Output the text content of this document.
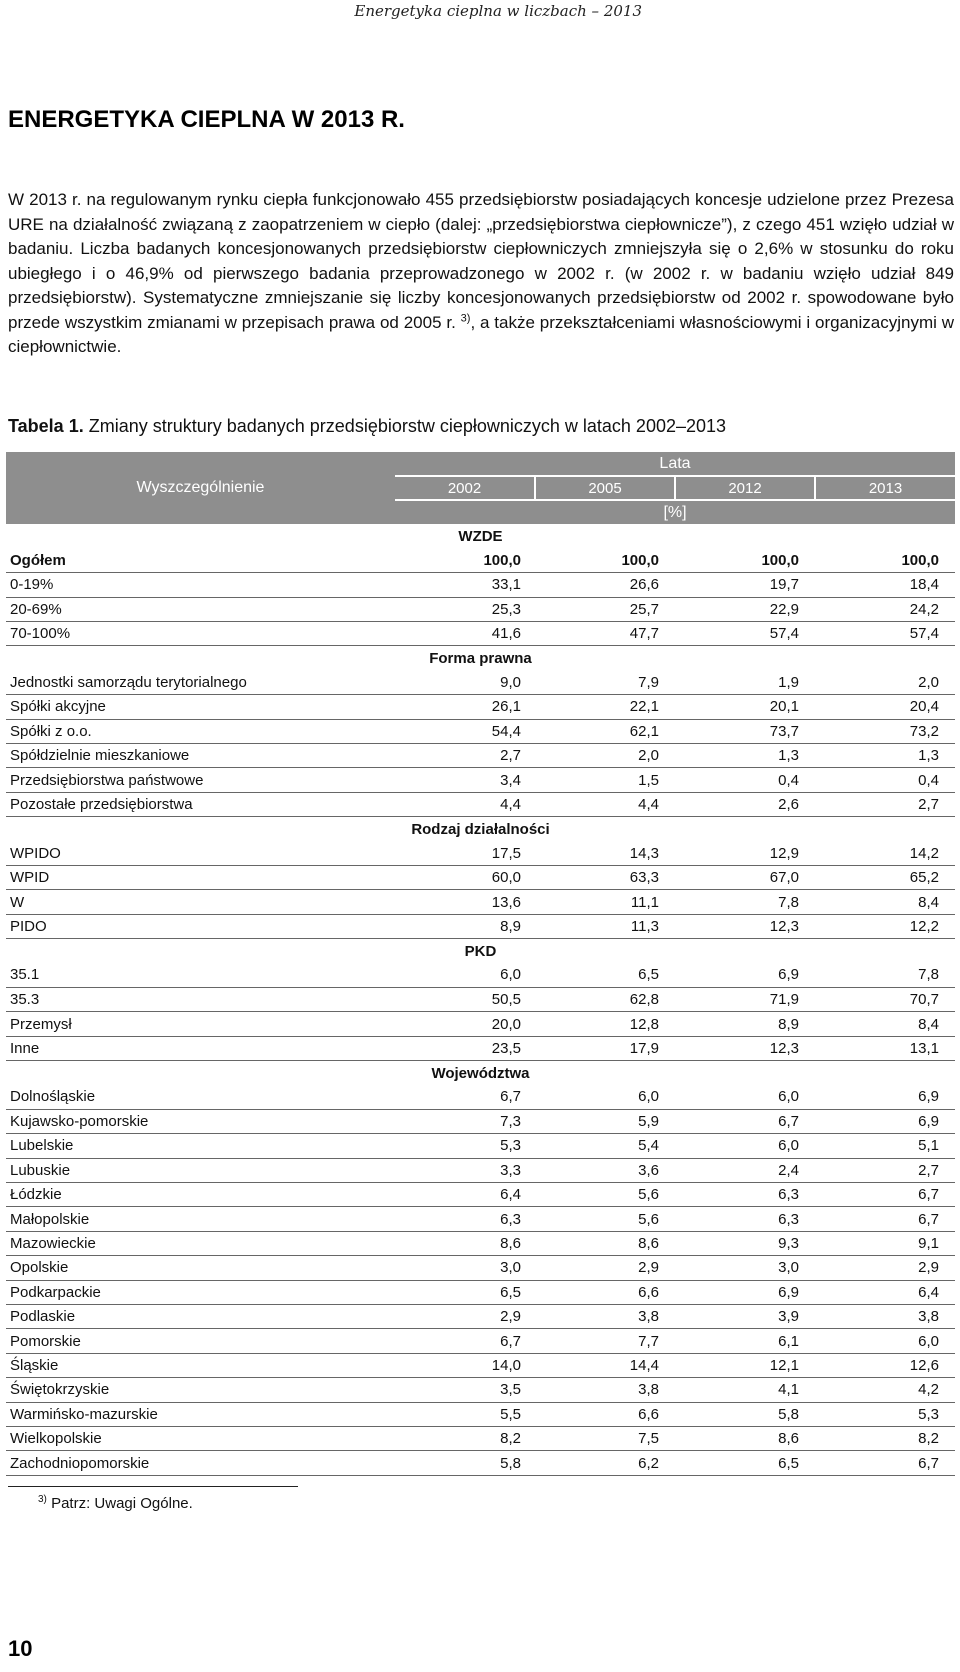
Energetyka cieplna w liczbach – 2013
ENERGETYKA CIEPLNA W 2013 R.

W 2013 r. na regulowanym rynku ciepła funkcjonowało 455 przedsiębiorstw posiadających koncesje udzielone przez Prezesa URE na działalność związaną z zaopatrzeniem w ciepło (dalej: „przedsiębiorstwa ciepłownicze”), z czego 451 wzięło udział w badaniu. Liczba badanych koncesjonowanych przedsiębiorstw ciepłowniczych zmniejszyła się o 2,6% w stosunku do roku ubiegłego i o 46,9% od pierwszego badania przeprowadzonego w 2002 r. (w 2002 r. w badaniu wzięło udział 849 przedsiębiorstw). Systematyczne zmniejszanie się liczby koncesjonowanych przedsiębiorstw od 2002 r. spowodowane było przede wszystkim zmianami w przepisach prawa od 2005 r. $^{3)}$, a także przekształceniami własnościowymi i organizacyjnymi w ciepłownictwie.

Tabela 1. Zmiany struktury badanych przedsiębiorstw ciepłowniczych w latach 2002–2013
Wyszczególnienie	Lata			
	2002	2005	2012	2013
	[%]			
WZDE				
Ogółem	100,0	100,0	100,0	100,0
0-19%	33,1	26,6	19,7	18,4
20-69%	25,3	25,7	22,9	24,2
70-100%	41,6	47,7	57,4	57,4
Forma prawna				
Jednostki samorządu terytorialnego	9,0	7,9	1,9	2,0
Spółki akcyjne	26,1	22,1	20,1	20,4
Spółki z o.o.	54,4	62,1	73,7	73,2
Spółdzielnie mieszkaniowe	2,7	2,0	1,3	1,3
Przedsiębiorstwa państwowe	3,4	1,5	0,4	0,4
Pozostałe przedsiębiorstwa	4,4	4,4	2,6	2,7
Rodzaj działalności				
WPIDO	17,5	14,3	12,9	14,2
WPID	60,0	63,3	67,0	65,2
W	13,6	11,1	7,8	8,4
PIDO	8,9	11,3	12,3	12,2
PKD				
35.1	6,0	6,5	6,9	7,8
35.3	50,5	62,8	71,9	70,7
Przemysł	20,0	12,8	8,9	8,4
Inne	23,5	17,9	12,3	13,1
Województwa				
Dolnośląskie	6,7	6,0	6,0	6,9
Kujawsko-pomorskie	7,3	5,9	6,7	6,9
Lubelskie	5,3	5,4	6,0	5,1
Lubuskie	3,3	3,6	2,4	2,7
Łódzkie	6,4	5,6	6,3	6,7
Małopolskie	6,3	5,6	6,3	6,7
Mazowieckie	8,6	8,6	9,3	9,1
Opolskie	3,0	2,9	3,0	2,9
Podkarpackie	6,5	6,6	6,9	6,4
Podlaskie	2,9	3,8	3,9	3,8
Pomorskie	6,7	7,7	6,1	6,0
Śląskie	14,0	14,4	12,1	12,6
Świętokrzyskie	3,5	3,8	4,1	4,2
Warmińsko-mazurskie	5,5	6,6	5,8	5,3
Wielkopolskie	8,2	7,5	8,6	8,2
Zachodniopomorskie	5,8	6,2	6,5	6,7
$^{3)}$ Patrz: Uwagi Ogólne.
10
